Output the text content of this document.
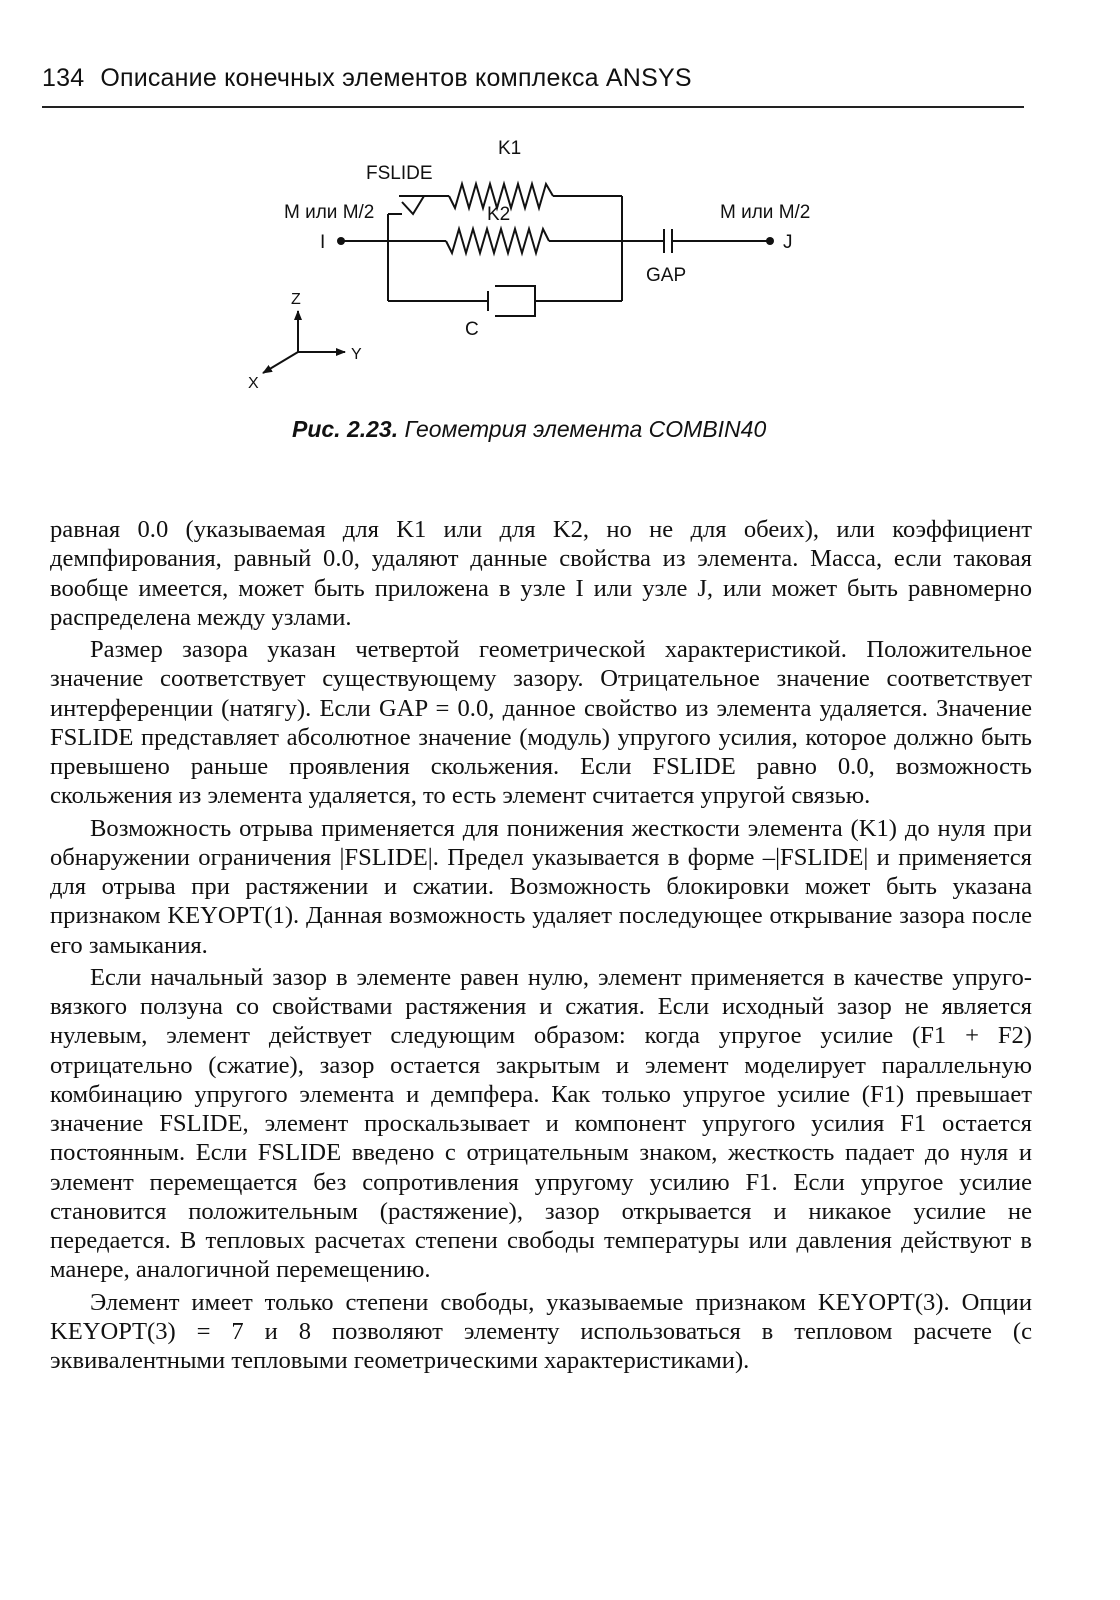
134 Описание конечных элементов комплекса ANSYS
K1
FSLIDE
K2
M или M/2	M или M/2
I	J
GAP
C
Z
Y
X
Рис. 2.23. Геометрия элемента COMBIN40

равная 0.0 (указываемая для K1 или для K2, но не для обеих), или коэффициент демпфирования, равный 0.0, удаляют данные свойства из элемента. Масса, если таковая вообще имеется, может быть приложена в узле I или узле J, или может быть равномерно распределена между узлами.

Размер зазора указан четвертой геометрической характеристикой. Положительное значение соответствует существующему зазору. Отрицательное значение соответствует интерференции (натягу). Если GAP = 0.0, данное свойство из элемента удаляется. Значение FSLIDE представляет абсолютное значение (модуль) упругого усилия, которое должно быть превышено раньше проявления скольжения. Если FSLIDE равно 0.0, возможность скольжения из элемента удаляется, то есть элемент считается упругой связью.

Возможность отрыва применяется для понижения жесткости элемента (K1) до нуля при обнаружении ограничения |FSLIDE|. Предел указывается в форме –|FSLIDE| и применяется для отрыва при растяжении и сжатии. Возможность блокировки может быть указана признаком KEYOPT(1). Данная возможность удаляет последующее открывание зазора после его замыкания.

Если начальный зазор в элементе равен нулю, элемент применяется в качестве упруго-вязкого ползуна со свойствами растяжения и сжатия. Если исходный зазор не является нулевым, элемент действует следующим образом: когда упругое усилие (F1 + F2) отрицательно (сжатие), зазор остается закрытым и элемент моделирует параллельную комбинацию упругого элемента и демпфера. Как только упругое усилие (F1) превышает значение FSLIDE, элемент проскальзывает и компонент упругого усилия F1 остается постоянным. Если FSLIDE введено с отрицательным знаком, жесткость падает до нуля и элемент перемещается без сопротивления упругому усилию F1. Если упругое усилие становится положительным (растяжение), зазор открывается и никакое усилие не передается. В тепловых расчетах степени свободы температуры или давления действуют в манере, аналогичной перемещению.

Элемент имеет только степени свободы, указываемые признаком KEYOPT(3). Опции KEYOPT(3) = 7 и 8 позволяют элементу использоваться в тепловом расчете (с эквивалентными тепловыми геометрическими характеристиками).
